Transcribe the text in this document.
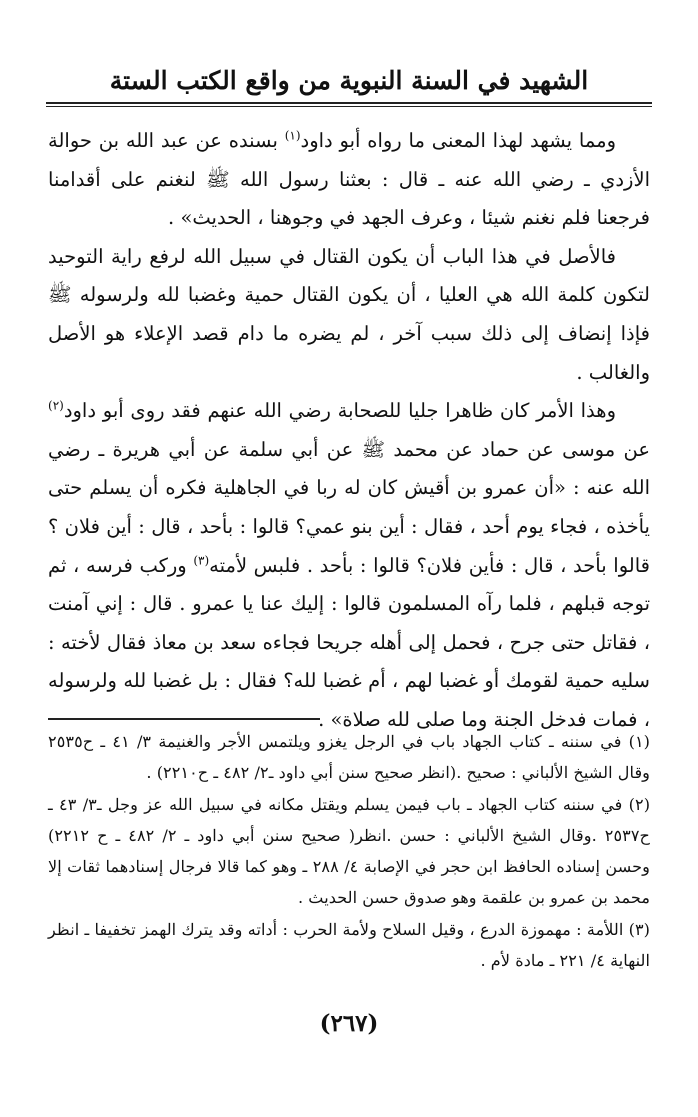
الشهيد في السنة النبوية من واقع الكتب الستة

ومما يشهد لهذا المعنى ما رواه أبو داود$^{(١)}$ بسنده عن عبد الله بن حوالة الأزدي ـ رضي الله عنه ـ قال : بعثنا رسول الله ﷺ لنغنم على أقدامنا فرجعنا فلم نغنم شيئا ، وعرف الجهد في وجوهنا ، الحديث» .

فالأصل في هذا الباب أن يكون القتال في سبيل الله لرفع راية التوحيد لتكون كلمة الله هي العليا ، أن يكون القتال حمية وغضبا لله ولرسوله ﷺ فإذا إنضاف إلى ذلك سبب آخر ، لم يضره ما دام قصد الإعلاء هو الأصل والغالب .

وهذا الأمر كان ظاهرا جليا للصحابة رضي الله عنهم فقد روى أبو داود$^{(٢)}$ عن موسى عن حماد عن محمد ﷺ عن أبي سلمة عن أبي هريرة ـ رضي الله عنه : «أن عمرو بن أقيش كان له ربا في الجاهلية فكره أن يسلم حتى يأخذه ، فجاء يوم أحد ، فقال : أين بنو عمي؟ قالوا : بأحد ، قال : أين فلان ؟ قالوا بأحد ، قال : فأين فلان؟ قالوا : بأحد . فلبس لأمته$^{(٣)}$ وركب فرسه ، ثم توجه قبلهم ، فلما رآه المسلمون قالوا : إليك عنا يا عمرو . قال : إني آمنت ، فقاتل حتى جرح ، فحمل إلى أهله جريحا فجاءه سعد بن معاذ فقال لأخته : سليه حمية لقومك أو غضبا لهم ، أم غضبا لله؟ فقال : بل غضبا لله ولرسوله ، فمات فدخل الجنة وما صلى لله صلاة» .

(١) في سننه ـ كتاب الجهاد باب في الرجل يغزو ويلتمس الأجر والغنيمة ٣/ ٤١ ـ ح٢٥٣٥ وقال الشيخ الألباني : صحيح .(انظر صحيح سنن أبي داود ـ٢/ ٤٨٢ ـ ح٢٢١٠) .

(٢) في سننه كتاب الجهاد ـ باب فيمن يسلم ويقتل مكانه في سبيل الله عز وجل ـ٣/ ٤٣ ـ ح٢٥٣٧ .وقال الشيخ الألباني : حسن .انظر( صحيح سنن أبي داود ـ ٢/ ٤٨٢ ـ ح ٢٢١٢) وحسن إسناده الحافظ ابن حجر في الإصابة ٤/ ٢٨٨ ـ وهو كما قالا فرجال إسنادهما ثقات إلا محمد بن عمرو بن علقمة وهو صدوق حسن الحديث .

(٣) اللأمة : مهموزة الدرع ، وقيل السلاح ولأمة الحرب : أداته وقد يترك الهمز تخفيفا ـ انظر النهاية ٤/ ٢٢١ ـ مادة لأم .

(٢٦٧)
